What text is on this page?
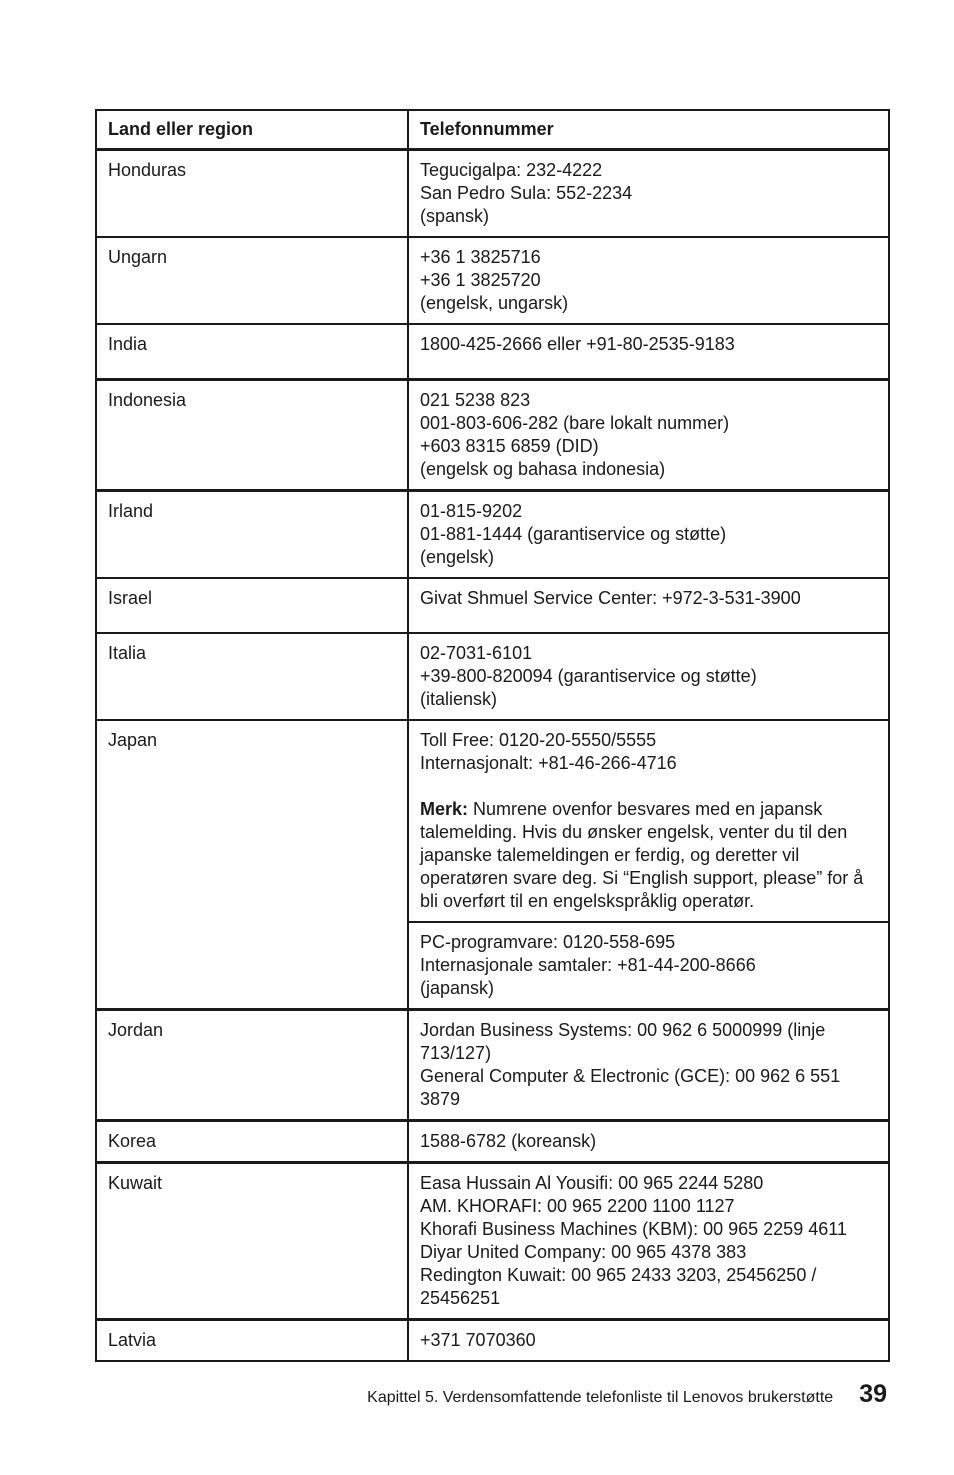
Land eller region	Telefonnummer
Honduras	Tegucigalpa: 232-4222
San Pedro Sula: 552-2234
(spansk)

Ungarn	+36 1 3825716
+36 1 3825720
(engelsk, ungarsk)

India	1800-425-2666 eller +91-80-2535-9183

Indonesia	021 5238 823
001-803-606-282 (bare lokalt nummer)
+603 8315 6859 (DID)
(engelsk og bahasa indonesia)

Irland	01-815-9202
01-881-1444 (garantiservice og støtte)
(engelsk)

Israel	Givat Shmuel Service Center: +972-3-531-3900

Italia	02-7031-6101
+39-800-820094 (garantiservice og støtte)
(italiensk)

Japan	Toll Free: 0120-20-5550/5555
Internasjonalt: +81-46-266-4716
Merk: Numrene ovenfor besvares med en japansk talemelding. Hvis du ønsker engelsk, venter du til den japanske talemeldingen er ferdig, og deretter vil operatøren svare deg. Si “English support, please” for å bli overført til en engelskspråklig operatør.

	PC-programvare: 0120-558-695
Internasjonale samtaler: +81-44-200-8666
(japansk)

Jordan	Jordan Business Systems: 00 962 6 5000999 (linje 713/127)
General Computer & Electronic (GCE): 00 962 6 551 3879

Korea	1588-6782 (koreansk)

Kuwait	Easa Hussain Al Yousifi: 00 965 2244 5280
AM. KHORAFI: 00 965 2200 1100 1127
Khorafi Business Machines (KBM): 00 965 2259 4611
Diyar United Company: 00 965 4378 383
Redington Kuwait: 00 965 2433 3203, 25456250 / 25456251

Latvia	+371 7070360
Kapittel 5. Verdensomfattende telefonliste til Lenovos brukerstøtte 39
